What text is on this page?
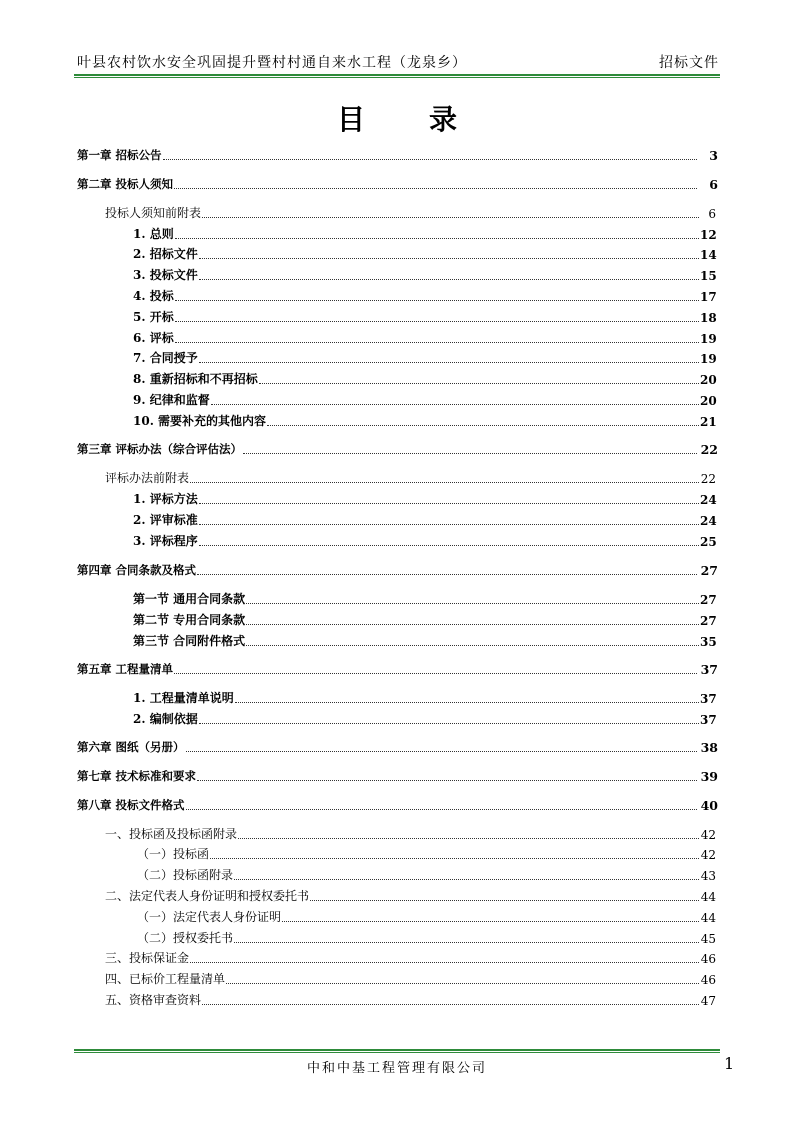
叶县农村饮水安全巩固提升暨村村通自来水工程（龙泉乡）	招标文件
目录
第一章 招标公告	3
第二章 投标人须知	6
投标人须知前附表	6
1. 总则	12
2. 招标文件	14
3. 投标文件	15
4. 投标	17
5. 开标	18
6. 评标	19
7. 合同授予	19
8. 重新招标和不再招标	20
9. 纪律和监督	20
10. 需要补充的其他内容	21
第三章 评标办法（综合评估法）	22
评标办法前附表	22
1. 评标方法	24
2. 评审标准	24
3. 评标程序	25
第四章 合同条款及格式	27
第一节 通用合同条款	27
第二节 专用合同条款	27
第三节 合同附件格式	35
第五章 工程量清单	37
1. 工程量清单说明	37
2. 编制依据	37
第六章 图纸（另册）	38
第七章 技术标准和要求	39
第八章 投标文件格式	40
一、投标函及投标函附录	42
（一）投标函	42
（二）投标函附录	43
二、法定代表人身份证明和授权委托书	44
（一）法定代表人身份证明	44
（二）授权委托书	45
三、投标保证金	46
四、已标价工程量清单	46
五、资格审查资料	47
中和中基工程管理有限公司	1
